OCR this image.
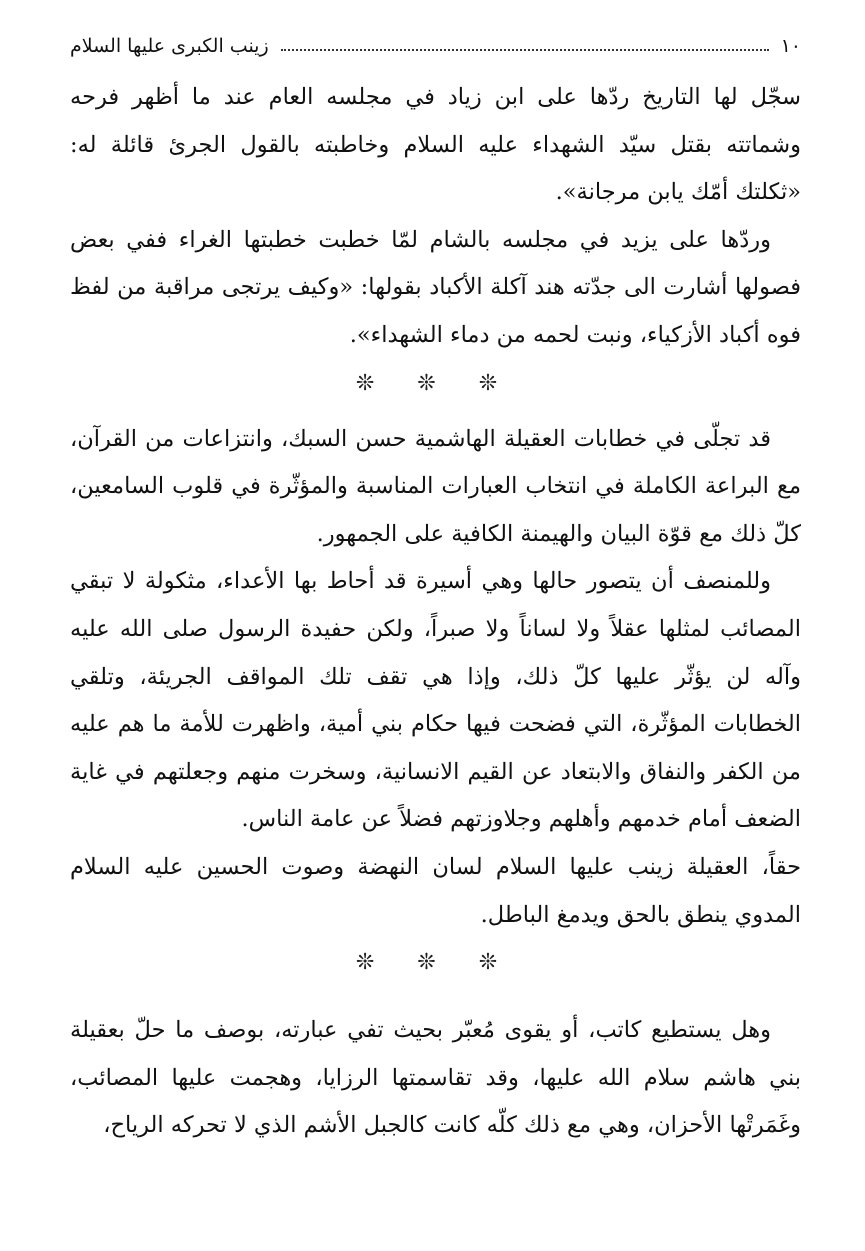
١٠
زينب الكبرى عليها السلام

سجّل لها التاريخ ردّها على ابن زياد في مجلسه العام عند ما أظهر فرحه وشماتته بقتل سيّد الشهداء عليه السلام وخاطبته بالقول الجرئ قائلة له: «ثكلتك أمّك يابن مرجانة».

وردّها على يزيد في مجلسه بالشام لمّا خطبت خطبتها الغراء ففي بعض فصولها أشارت الى جدّته هند آكلة الأكباد بقولها: «وكيف يرتجى مراقبة من لفظ فوه أكباد الأزكياء، ونبت لحمه من دماء الشهداء».

❊ ❊ ❊

قد تجلّى في خطابات العقيلة الهاشمية حسن السبك، وانتزاعات من القرآن، مع البراعة الكاملة في انتخاب العبارات المناسبة والمؤثّرة في قلوب السامعين، كلّ ذلك مع قوّة البيان والهيمنة الكافية على الجمهور.

وللمنصف أن يتصور حالها وهي أسيرة قد أحاط بها الأعداء، مثكولة لا تبقي المصائب لمثلها عقلاً ولا لساناً ولا صبراً، ولكن حفيدة الرسول صلى الله عليه وآله لن يؤثّر عليها كلّ ذلك، وإذا هي تقف تلك المواقف الجريئة، وتلقي الخطابات المؤثّرة، التي فضحت فيها حكام بني أمية، واظهرت للأمة ما هم عليه من الكفر والنفاق والابتعاد عن القيم الانسانية، وسخرت منهم وجعلتهم في غاية الضعف أمام خدمهم وأهلهم وجلاوزتهم فضلاً عن عامة الناس.

حقاً، العقيلة زينب عليها السلام لسان النهضة وصوت الحسين عليه السلام المدوي ينطق بالحق ويدمغ الباطل.

❊ ❊ ❊

وهل يستطيع كاتب، أو يقوى مُعبّر بحيث تفي عبارته، بوصف ما حلّ بعقيلة بني هاشم سلام الله عليها، وقد تقاسمتها الرزايا، وهجمت عليها المصائب، وغَمَرتْها الأحزان، وهي مع ذلك كلّه كانت كالجبل الأشم الذي لا تحركه الرياح،
